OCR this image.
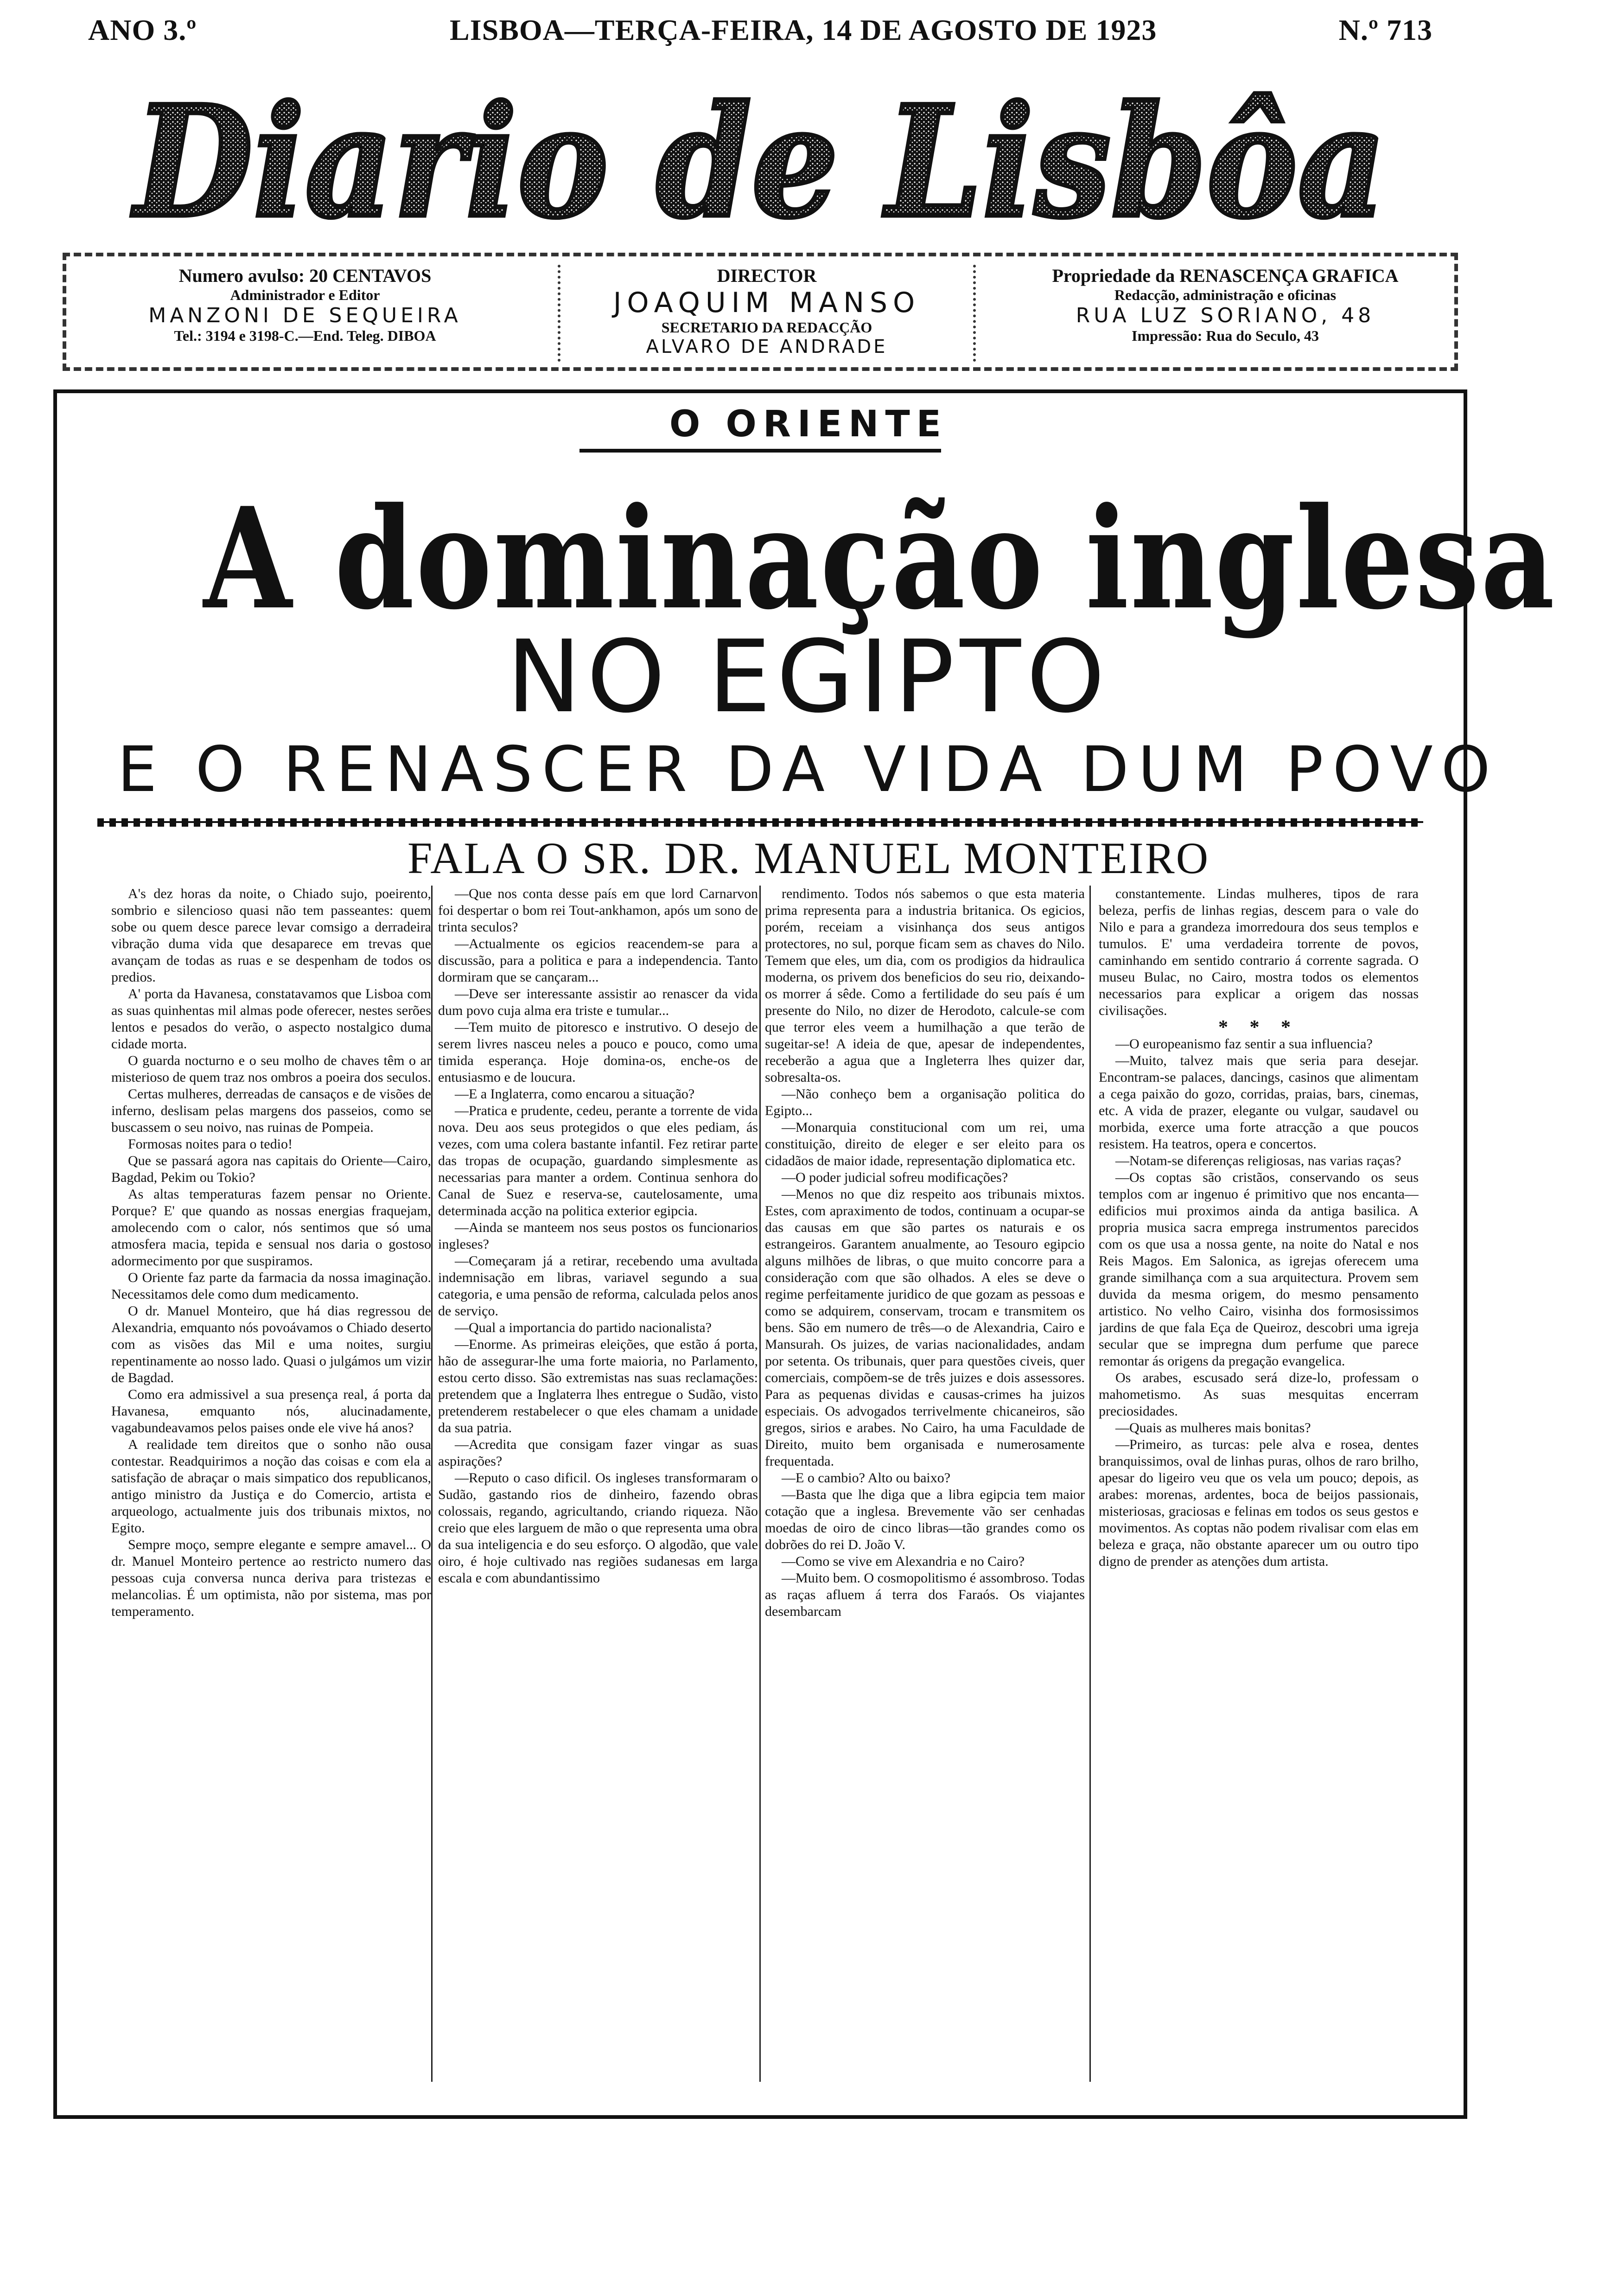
ANO 3.º	LISBOA—TERÇA-FEIRA, 14 DE AGOSTO DE 1923	N.º 713
Diario de Lisbôa
Numero avulso: 20 CENTAVOS
Administrador e Editor
MANZONI DE SEQUEIRA
Tel.: 3194 e 3198-C.—End. Teleg. DIBOA
DIRECTOR
JOAQUIM MANSO
SECRETARIO DA REDACÇÃO
ALVARO DE ANDRADE
Propriedade da RENASCENÇA GRAFICA
Redacção, administração e oficinas
RUA LUZ SORIANO, 48
Impressão: Rua do Seculo, 43
O ORIENTE
A dominação inglesa
NO EGIPTO
E O RENASCER DA VIDA DUM POVO
FALA O SR. DR. MANUEL MONTEIRO

A's dez horas da noite, o Chiado sujo, poeirento, sombrio e silencioso quasi não tem passeantes: quem sobe ou quem desce parece levar comsigo a derradeira vibração duma vida que desaparece em trevas que avançam de todas as ruas e se despenham de todos os predios.

A' porta da Havanesa, constatavamos que Lisboa com as suas quinhentas mil almas pode oferecer, nestes serões lentos e pesados do verão, o aspecto nostalgico duma cidade morta.

O guarda nocturno e o seu molho de chaves têm o ar misterioso de quem traz nos ombros a poeira dos seculos.

Certas mulheres, derreadas de cansaços e de visões de inferno, deslisam pelas margens dos passeios, como se buscassem o seu noivo, nas ruinas de Pompeia.

Formosas noites para o tedio!

Que se passará agora nas capitais do Oriente—Cairo, Bagdad, Pekim ou Tokio?

As altas temperaturas fazem pensar no Oriente. Porque? E' que quando as nossas energias fraquejam, amolecendo com o calor, nós sentimos que só uma atmosfera macia, tepida e sensual nos daria o gostoso adormecimento por que suspiramos.

O Oriente faz parte da farmacia da nossa imaginação. Necessitamos dele como dum medicamento.

O dr. Manuel Monteiro, que há dias regressou de Alexandria, emquanto nós povoávamos o Chiado deserto com as visões das Mil e uma noites, surgiu repentinamente ao nosso lado. Quasi o julgámos um vizir de Bagdad.

Como era admissivel a sua presença real, á porta da Havanesa, emquanto nós, alucinadamente, vagabundeavamos pelos paises onde ele vive há anos?

A realidade tem direitos que o sonho não ousa contestar. Readquirimos a noção das coisas e com ela a satisfação de abraçar o mais simpatico dos republicanos, antigo ministro da Justiça e do Comercio, artista e arqueologo, actualmente juis dos tribunais mixtos, no Egito.

Sempre moço, sempre elegante e sempre amavel... O dr. Manuel Monteiro pertence ao restricto numero das pessoas cuja conversa nunca deriva para tristezas e melancolias. É um optimista, não por sistema, mas por temperamento.

—Que nos conta desse país em que lord Carnarvon foi despertar o bom rei Tout-ankhamon, após um sono de trinta seculos?

—Actualmente os egicios reacendem-se para a discussão, para a politica e para a independencia. Tanto dormiram que se cançaram...

—Deve ser interessante assistir ao renascer da vida dum povo cuja alma era triste e tumular...

—Tem muito de pitoresco e instrutivo. O desejo de serem livres nasceu neles a pouco e pouco, como uma timida esperança. Hoje domina-os, enche-os de entusiasmo e de loucura.

—E a Inglaterra, como encarou a situação?

—Pratica e prudente, cedeu, perante a torrente de vida nova. Deu aos seus protegidos o que eles pediam, ás vezes, com uma colera bastante infantil. Fez retirar parte das tropas de ocupação, guardando simplesmente as necessarias para manter a ordem. Continua senhora do Canal de Suez e reserva-se, cautelosamente, uma determinada acção na politica exterior egipcia.

—Ainda se manteem nos seus postos os funcionarios ingleses?

—Começaram já a retirar, recebendo uma avultada indemnisação em libras, variavel segundo a sua categoria, e uma pensão de reforma, calculada pelos anos de serviço.

—Qual a importancia do partido nacionalista?

—Enorme. As primeiras eleições, que estão á porta, hão de assegurar-lhe uma forte maioria, no Parlamento, estou certo disso. São extremistas nas suas reclamações: pretendem que a Inglaterra lhes entregue o Sudão, visto pretenderem restabelecer o que eles chamam a unidade da sua patria.

—Acredita que consigam fazer vingar as suas aspirações?

—Reputo o caso dificil. Os ingleses transformaram o Sudão, gastando rios de dinheiro, fazendo obras colossais, regando, agricultando, criando riqueza. Não creio que eles larguem de mão o que representa uma obra da sua inteligencia e do seu esforço. O algodão, que vale oiro, é hoje cultivado nas regiões sudanesas em larga escala e com abundantissimo

rendimento. Todos nós sabemos o que esta materia prima representa para a industria britanica. Os egicios, porém, receiam a visinhança dos seus antigos protectores, no sul, porque ficam sem as chaves do Nilo. Temem que eles, um dia, com os prodigios da hidraulica moderna, os privem dos beneficios do seu rio, deixando-os morrer á sêde. Como a fertilidade do seu país é um presente do Nilo, no dizer de Herodoto, calcule-se com que terror eles veem a humilhação a que terão de sugeitar-se! A ideia de que, apesar de independentes, receberão a agua que a Ingleterra lhes quizer dar, sobresalta-os.

—Não conheço bem a organisação politica do Egipto...

—Monarquia constitucional com um rei, uma constituição, direito de eleger e ser eleito para os cidadãos de maior idade, representação diplomatica etc.

—O poder judicial sofreu modificações?

—Menos no que diz respeito aos tribunais mixtos. Estes, com apraximento de todos, continuam a ocupar-se das causas em que são partes os naturais e os estrangeiros. Garantem anualmente, ao Tesouro egipcio alguns milhões de libras, o que muito concorre para a consideração com que são olhados. A eles se deve o regime perfeitamente juridico de que gozam as pessoas e como se adquirem, conservam, trocam e transmitem os bens. São em numero de três—o de Alexandria, Cairo e Mansurah. Os juizes, de varias nacionalidades, andam por setenta. Os tribunais, quer para questões civeis, quer comerciais, compõem-se de três juizes e dois assessores. Para as pequenas dividas e causas-crimes ha juizos especiais. Os advogados terrivelmente chicaneiros, são gregos, sirios e arabes. No Cairo, ha uma Faculdade de Direito, muito bem organisada e numerosamente frequentada.

—E o cambio? Alto ou baixo?

—Basta que lhe diga que a libra egipcia tem maior cotação que a inglesa. Brevemente vão ser cenhadas moedas de oiro de cinco libras—tão grandes como os dobrões do rei D. João V.

—Como se vive em Alexandria e no Cairo?

—Muito bem. O cosmopolitismo é assombroso. Todas as raças afluem á terra dos Faraós. Os viajantes desembarcam

constantemente. Lindas mulheres, tipos de rara beleza, perfis de linhas regias, descem para o vale do Nilo e para a grandeza imorredoura dos seus templos e tumulos. E' uma verdadeira torrente de povos, caminhando em sentido contrario á corrente sagrada. O museu Bulac, no Cairo, mostra todos os elementos necessarios para explicar a origem das nossas civilisações.

* * *

—O europeanismo faz sentir a sua influencia?

—Muito, talvez mais que seria para desejar. Encontram-se palaces, dancings, casinos que alimentam a cega paixão do gozo, corridas, praias, bars, cinemas, etc. A vida de prazer, elegante ou vulgar, saudavel ou morbida, exerce uma forte atracção a que poucos resistem. Ha teatros, opera e concertos.

—Notam-se diferenças religiosas, nas varias raças?

—Os coptas são cristãos, conservando os seus templos com ar ingenuo é primitivo que nos encanta—edificios mui proximos ainda da antiga basilica. A propria musica sacra emprega instrumentos parecidos com os que usa a nossa gente, na noite do Natal e nos Reis Magos. Em Salonica, as igrejas oferecem uma grande similhança com a sua arquitectura. Provem sem duvida da mesma origem, do mesmo pensamento artistico. No velho Cairo, visinha dos formosissimos jardins de que fala Eça de Queiroz, descobri uma igreja secular que se impregna dum perfume que parece remontar ás origens da pregação evangelica.

Os arabes, escusado será dize-lo, professam o mahometismo. As suas mesquitas encerram preciosidades.

—Quais as mulheres mais bonitas?

—Primeiro, as turcas: pele alva e rosea, dentes branquissimos, oval de linhas puras, olhos de raro brilho, apesar do ligeiro veu que os vela um pouco; depois, as arabes: morenas, ardentes, boca de beijos passionais, misteriosas, graciosas e felinas em todos os seus gestos e movimentos. As coptas não podem rivalisar com elas em beleza e graça, não obstante aparecer um ou outro tipo digno de prender as atenções dum artista.
